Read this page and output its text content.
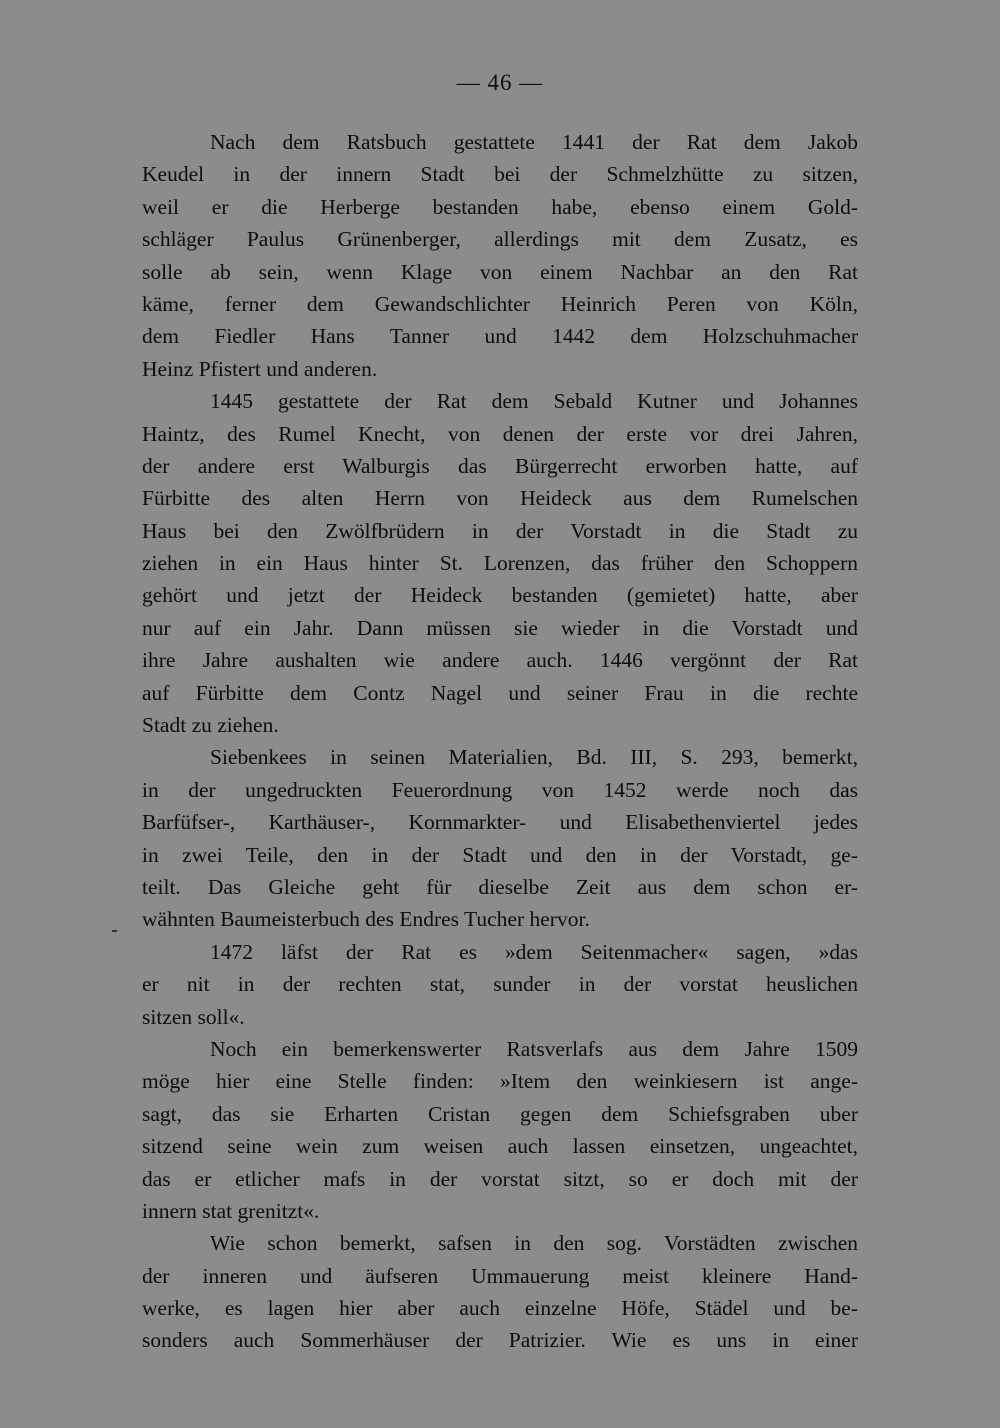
— 46 —
Nach dem Ratsbuch gestattete 1441 der Rat dem Jakob
Keudel in der innern Stadt bei der Schmelzhütte zu sitzen,
weil er die Herberge bestanden habe, ebenso einem Gold-
schläger Paulus Grünenberger, allerdings mit dem Zusatz, es
solle ab sein, wenn Klage von einem Nachbar an den Rat
käme, ferner dem Gewandschlichter Heinrich Peren von Köln,
dem Fiedler Hans Tanner und 1442 dem Holzschuhmacher
Heinz Pfistert und anderen.
1445 gestattete der Rat dem Sebald Kutner und Johannes
Haintz, des Rumel Knecht, von denen der erste vor drei Jahren,
der andere erst Walburgis das Bürgerrecht erworben hatte, auf
Fürbitte des alten Herrn von Heideck aus dem Rumelschen
Haus bei den Zwölfbrüdern in der Vorstadt in die Stadt zu
ziehen in ein Haus hinter St. Lorenzen, das früher den Schoppern
gehört und jetzt der Heideck bestanden (gemietet) hatte, aber
nur auf ein Jahr. Dann müssen sie wieder in die Vorstadt und
ihre Jahre aushalten wie andere auch. 1446 vergönnt der Rat
auf Fürbitte dem Contz Nagel und seiner Frau in die rechte
Stadt zu ziehen.
Siebenkees in seinen Materialien, Bd. III, S. 293, bemerkt,
in der ungedruckten Feuerordnung von 1452 werde noch das
Barfüfser-, Karthäuser-, Kornmarkter- und Elisabethenviertel jedes
in zwei Teile, den in der Stadt und den in der Vorstadt, ge-
teilt. Das Gleiche geht für dieselbe Zeit aus dem schon er-
wähnten Baumeisterbuch des Endres Tucher hervor.
1472 läfst der Rat es »dem Seitenmacher« sagen, »das
er nit in der rechten stat, sunder in der vorstat heuslichen
sitzen soll«.
Noch ein bemerkenswerter Ratsverlafs aus dem Jahre 1509
möge hier eine Stelle finden: »Item den weinkiesern ist ange-
sagt, das sie Erharten Cristan gegen dem Schiefsgraben uber
sitzend seine wein zum weisen auch lassen einsetzen, ungeachtet,
das er etlicher mafs in der vorstat sitzt, so er doch mit der
innern stat grenitzt«.
Wie schon bemerkt, safsen in den sog. Vorstädten zwischen
der inneren und äufseren Ummauerung meist kleinere Hand-
werke, es lagen hier aber auch einzelne Höfe, Städel und be-
sonders auch Sommerhäuser der Patrizier. Wie es uns in einer
